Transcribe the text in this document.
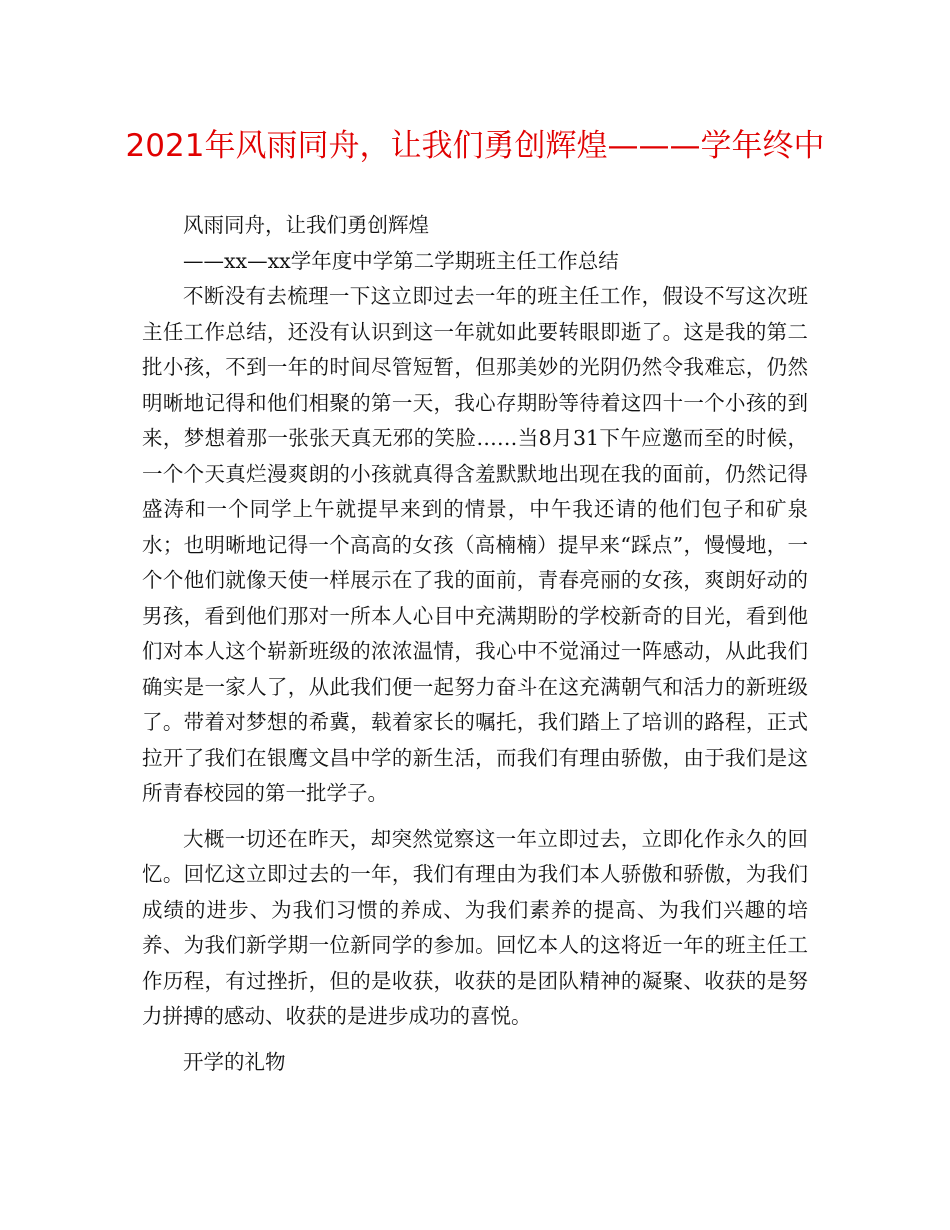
2021年风雨同舟，让我们勇创辉煌———学年终中

风雨同舟，让我们勇创辉煌

——xx—xx学年度中学第二学期班主任工作总结

不断没有去梳理一下这立即过去一年的班主任工作，假设不写这次班主任工作总结，还没有认识到这一年就如此要转眼即逝了。这是我的第二批小孩，不到一年的时间尽管短暂，但那美妙的光阴仍然令我难忘，仍然明晰地记得和他们相聚的第一天，我心存期盼等待着这四十一个小孩的到来，梦想着那一张张天真无邪的笑脸……当8月31下午应邀而至的时候，一个个天真烂漫爽朗的小孩就真得含羞默默地出现在我的面前，仍然记得盛涛和一个同学上午就提早来到的情景，中午我还请的他们包子和矿泉水；也明晰地记得一个高高的女孩（高楠楠）提早来“踩点”，慢慢地，一个个他们就像天使一样展示在了我的面前，青春亮丽的女孩，爽朗好动的男孩，看到他们那对一所本人心目中充满期盼的学校新奇的目光，看到他们对本人这个崭新班级的浓浓温情，我心中不觉涌过一阵感动，从此我们确实是一家人了，从此我们便一起努力奋斗在这充满朝气和活力的新班级了。带着对梦想的希冀，载着家长的嘱托，我们踏上了培训的路程，正式拉开了我们在银鹰文昌中学的新生活，而我们有理由骄傲，由于我们是这所青春校园的第一批学子。

大概一切还在昨天，却突然觉察这一年立即过去，立即化作永久的回忆。回忆这立即过去的一年，我们有理由为我们本人骄傲和骄傲，为我们成绩的进步、为我们习惯的养成、为我们素养的提高、为我们兴趣的培养、为我们新学期一位新同学的参加。回忆本人的这将近一年的班主任工作历程，有过挫折，但的是收获，收获的是团队精神的凝聚、收获的是努力拼搏的感动、收获的是进步成功的喜悦。

开学的礼物
